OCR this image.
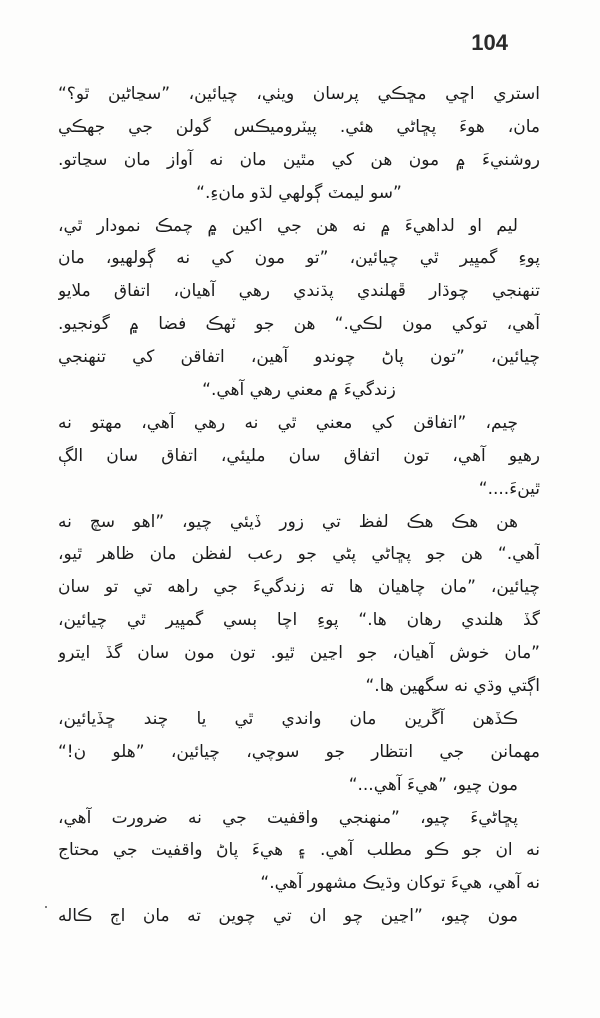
104
استري اڇي مڇڪي پرسان ويٺي، چيائين، ”سڃاڻين ٿو؟“
مان، هوءَ پڇاڻي هئي. پيٽروميڪس گولن جي جهڪي
روشنيءَ ۾ مون هن کي مٿين مان نه آواز مان سڃاتو.
”سو ليمٽ ڳولهي لڌو مانءِ.“
ليم او لداهيءَ ۾ نه هن جي اکين ۾ چمڪ نمودار ٿي،
پوءِ گمڀير ٿي چيائين، ”تو مون کي نه ڳولهيو، مان
تنهنجي چوڌار ڦهلندي پڌندي رهي آهيان، اتفاق ملايو
آهي، توکي مون لڪي.“ هن جو ٽهڪ فضا ۾ گونجيو.
چيائين، ”تون پاڻ چوندو آهين، اتفاقن کي تنهنجي
زندگيءَ ۾ معني رهي آهي.“
چيم، ”اتفاقن کي معني ٿي نه رهي آهي، مهتو نه
رهيو آهي، تون اتفاق سان مليئي، اتفاق سان الڳ
ٿينءَ....“
هن هڪ هڪ لفظ تي زور ڏيئي چيو، ”اهو سچ نه
آهي.“ هن جو پڇاڻي پڻي جو رعب لفظن مان ظاهر ٿيو،
چيائين، ”مان چاهيان ها ته زندگيءَ جي راهه تي تو سان
گڏ هلندي رهان ها.“ پوءِ اچا ٻسي گمڀير ٿي چيائين،
”مان خوش آهيان، جو اڃين ٿيو. تون مون سان گڏ ايترو
اڳتي وڌي نه سگهين ها.“
ڪڏهن آڱرين مان واندي ٿي يا چند ڇڏيائين،
مهمانن جي انتظار جو سوچي، چيائين، ”هلو ن!“
مون چيو، ”هيءَ آهي...“
پڇاڻيءَ چيو، ”منهنجي واقفيت جي نه ضرورت آهي،
نه ان جو ڪو مطلب آهي. ۽ هيءَ پاڻ واقفيت جي محتاج
نه آهي، هيءَ توکان وڌيڪ مشهور آهي.“
مون چيو، ”اڃين چو ان تي چوين ته مان اڄ ڪاله
